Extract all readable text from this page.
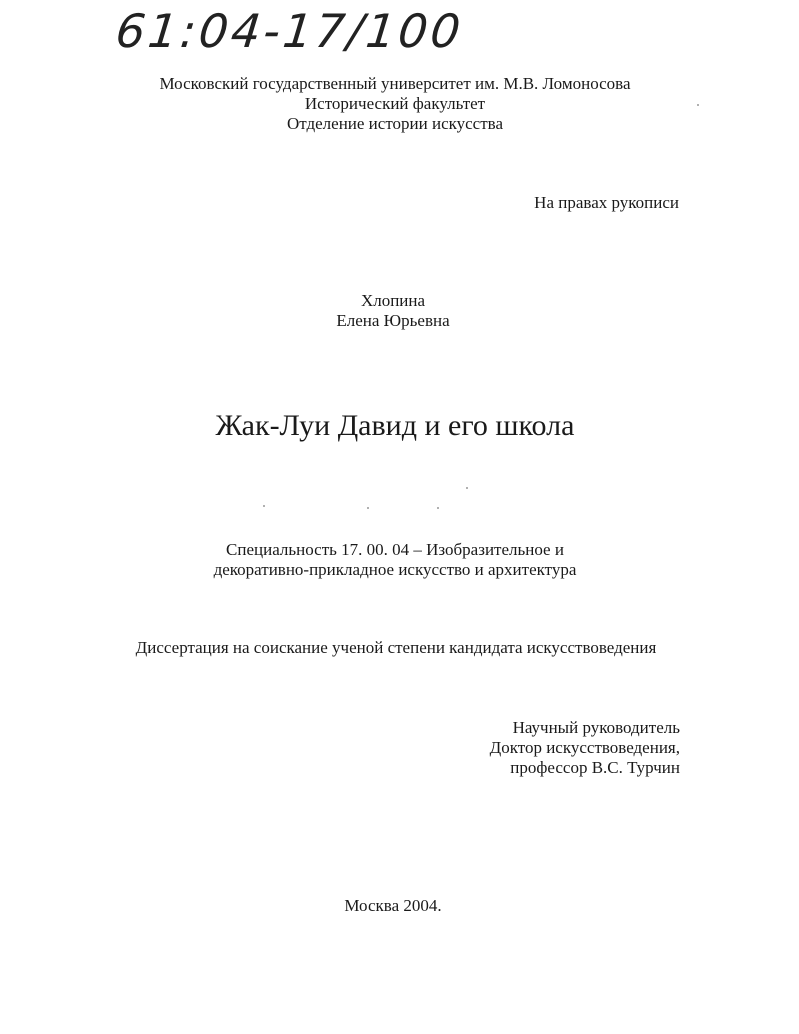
61:04-17/100
Московский государственный университет им. М.В. Ломоносова
Исторический факультет
Отделение истории искусства
На правах рукописи
Хлопина
Елена Юрьевна
Жак-Луи Давид и его школа
Специальность 17. 00. 04 – Изобразительное и
декоративно-прикладное искусство и архитектура
Диссертация на соискание ученой степени кандидата искусствоведения
Научный руководитель
Доктор искусствоведения,
профессор В.С. Турчин
Москва 2004.
